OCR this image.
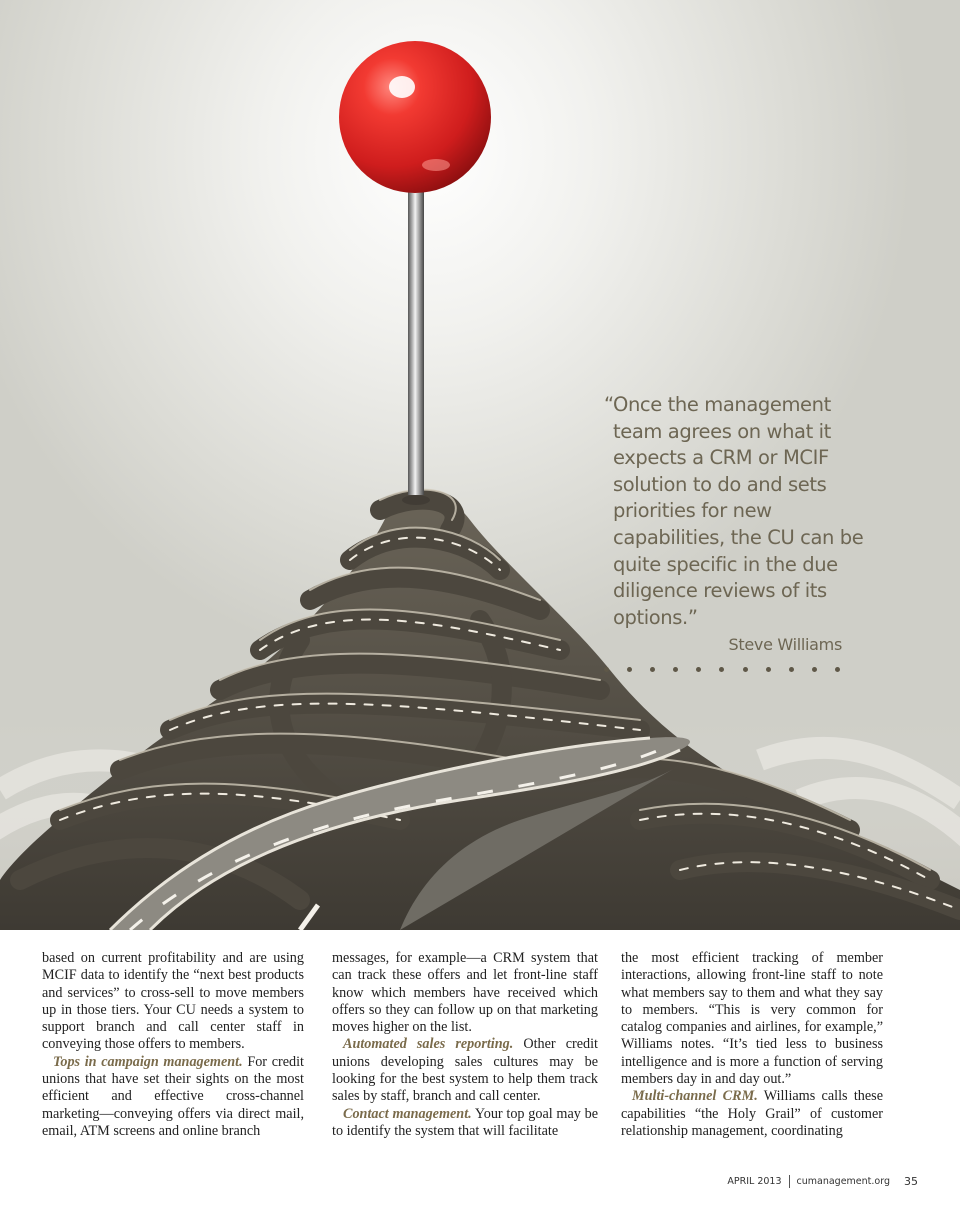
“Once the management team agrees on what it expects a CRM or MCIF solution to do and sets priorities for new capabilities, the CU can be quite specific in the due diligence reviews of its options.”

Steve Williams

based on current profitability and are using MCIF data to identify the “next best products and services” to cross-sell to move members up in those tiers. Your CU needs a system to support branch and call center staff in conveying those offers to members.

Tops in campaign management. For credit unions that have set their sights on the most efficient and effective cross-channel marketing—conveying offers via direct mail, email, ATM screens and online branch

messages, for example—a CRM system that can track these offers and let front-line staff know which members have received which offers so they can follow up on that marketing moves higher on the list.

Automated sales reporting. Other credit unions developing sales cultures may be looking for the best system to help them track sales by staff, branch and call center.

Contact management. Your top goal may be to identify the system that will facilitate

the most efficient tracking of member interactions, allowing front-line staff to note what members say to them and what they say to members. “This is very common for catalog companies and airlines, for example,” Williams notes. “It’s tied less to business intelligence and is more a function of serving members day in and day out.”

Multi-channel CRM. Williams calls these capabilities “the Holy Grail” of customer relationship management, coordinating

APRIL 2013 cumanagement.org 35
